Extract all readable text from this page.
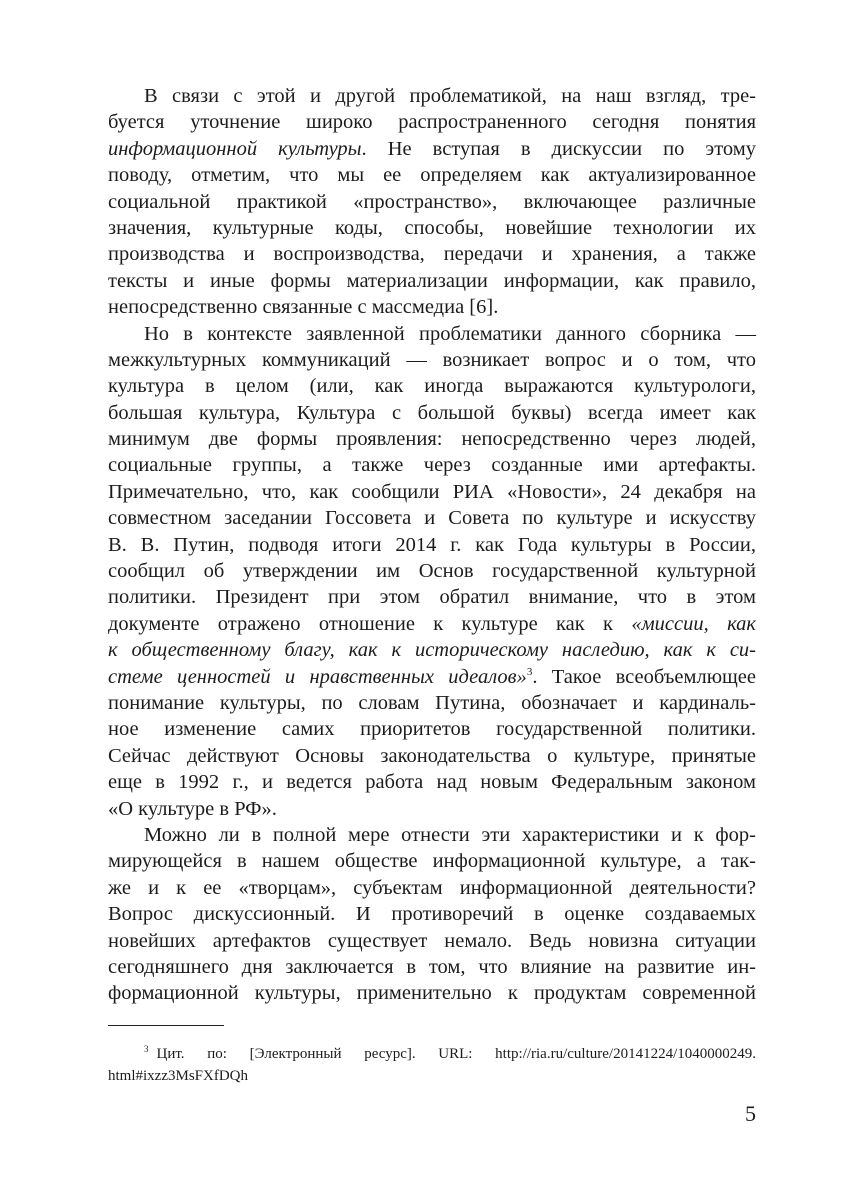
В связи с этой и другой проблематикой, на наш взгляд, тре-
буется уточнение широко распространенного сегодня понятия
информационной культуры. Не вступая в дискуссии по этому
поводу, отметим, что мы ее определяем как актуализированное
социальной практикой «пространство», включающее различные
значения, культурные коды, способы, новейшие технологии их
производства и воспроизводства, передачи и хранения, а также
тексты и иные формы материализации информации, как правило,
непосредственно связанные с массмедиа [6].
Но в контексте заявленной проблематики данного сборника —
межкультурных коммуникаций — возникает вопрос и о том, что
культура в целом (или, как иногда выражаются культурологи,
большая культура, Культура с большой буквы) всегда имеет как
минимум две формы проявления: непосредственно через людей,
социальные группы, а также через созданные ими артефакты.
Примечательно, что, как сообщили РИА «Новости», 24 декабря на
совместном заседании Госсовета и Совета по культуре и искусству
В. В. Путин, подводя итоги 2014 г. как Года культуры в России,
сообщил об утверждении им Основ государственной культурной
политики. Президент при этом обратил внимание, что в этом
документе отражено отношение к культуре как к «миссии, как
к общественному благу, как к историческому наследию, как к си-
стеме ценностей и нравственных идеалов»$^3$. Такое всеобъемлющее
понимание культуры, по словам Путина, обозначает и кардиналь-
ное изменение самих приоритетов государственной политики.
Сейчас действуют Основы законодательства о культуре, принятые
еще в 1992 г., и ведется работа над новым Федеральным законом
«О культуре в РФ».
Можно ли в полной мере отнести эти характеристики и к фор-
мирующейся в нашем обществе информационной культуре, а так-
же и к ее «творцам», субъектам информационной деятельности?
Вопрос дискуссионный. И противоречий в оценке создаваемых
новейших артефактов существует немало. Ведь новизна ситуации
сегодняшнего дня заключается в том, что влияние на развитие ин-
формационной культуры, применительно к продуктам современной
$^3$ Цит. по: [Электронный ресурс]. URL: http://ria.ru/culture/20141224/1040000249.
html#ixzz3MsFXfDQh
5
